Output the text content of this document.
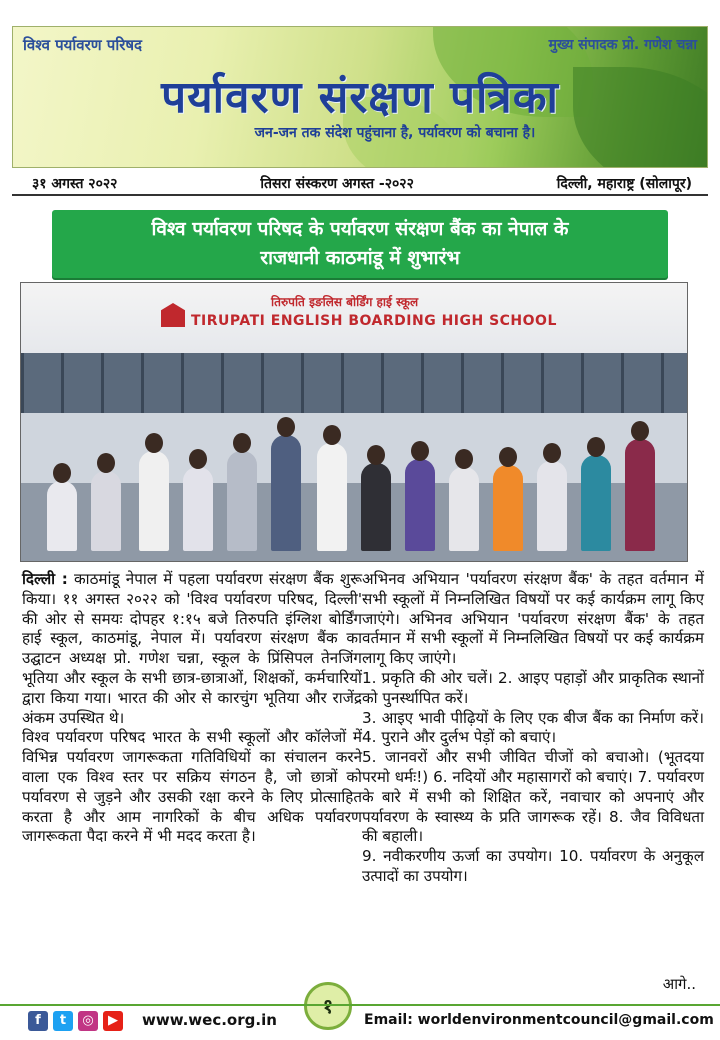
विश्व पर्यावरण परिषद	मुख्य संपादक प्रो. गणेश चन्ना
पर्यावरण संरक्षण पत्रिका
जन-जन तक संदेश पहुंचाना है, पर्यावरण को बचाना है।
३१ अगस्त २०२२	तिसरा संस्करण अगस्त -२०२२	दिल्ली, महाराष्ट्र (सोलापूर)
विश्व पर्यावरण परिषद के पर्यावरण संरक्षण बैंक का नेपाल के
राजधानी काठमांडू में शुभारंभ
तिरुपति इङलिस बोर्डिंग हाई स्कूल
TIRUPATI ENGLISH BOARDING HIGH SCHOOL

दिल्ली : काठमांडू नेपाल में पहला पर्यावरण संरक्षण बैंक शुरू किया। ११ अगस्त २०२२ को 'विश्व पर्यावरण परिषद, दिल्ली' की ओर से समयः दोपहर १:१५ बजे तिरुपति इंग्लिश बोर्डिंग हाई स्कूल, काठमांडू, नेपाल में। पर्यावरण संरक्षण बैंक का उद्घाटन अध्यक्ष प्रो. गणेश चन्ना, स्कूल के प्रिंसिपल तेनजिंग भूतिया और स्कूल के सभी छात्र-छात्राओं, शिक्षकों, कर्मचारियों द्वारा किया गया। भारत की ओर से कारचुंग भूतिया और राजेंद्र अंकम उपस्थित थे।

विश्व पर्यावरण परिषद भारत के सभी स्कूलों और कॉलेजों में विभिन्न पर्यावरण जागरूकता गतिविधियों का संचालन करने वाला एक विश्व स्तर पर सक्रिय संगठन है, जो छात्रों को पर्यावरण से जुड़ने और उसकी रक्षा करने के लिए प्रोत्साहित करता है और आम नागरिकों के बीच अधिक पर्यावरण जागरूकता पैदा करने में भी मदद करता है।

अभिनव अभियान 'पर्यावरण संरक्षण बैंक' के तहत वर्तमान में सभी स्कूलों में निम्नलिखित विषयों पर कई कार्यक्रम लागू किए जाएंगे। अभिनव अभियान 'पर्यावरण संरक्षण बैंक' के तहत वर्तमान में सभी स्कूलों में निम्नलिखित विषयों पर कई कार्यक्रम लागू किए जाएंगे।

1. प्रकृति की ओर चलें। 2. आइए पहाड़ों और प्राकृतिक स्थानों को पुनर्स्थापित करें।

3. आइए भावी पीढ़ियों के लिए एक बीज बैंक का निर्माण करें। 4. पुराने और दुर्लभ पेड़ों को बचाएं।

5. जानवरों और सभी जीवित चीजों को बचाओ। (भूतदया परमो धर्मः!) 6. नदियों और महासागरों को बचाएं। 7. पर्यावरण के बारे में सभी को शिक्षित करें, नवाचार को अपनाएं और पर्यावरण के स्वास्थ्य के प्रति जागरूक रहें। 8. जैव विविधता की बहाली।

9. नवीकरणीय ऊर्जा का उपयोग। 10. पर्यावरण के अनुकूल उत्पादों का उपयोग।

आगे..
१
f	t	◎	▶	www.wec.org.in	Email: worldenvironmentcouncil@gmail.com
